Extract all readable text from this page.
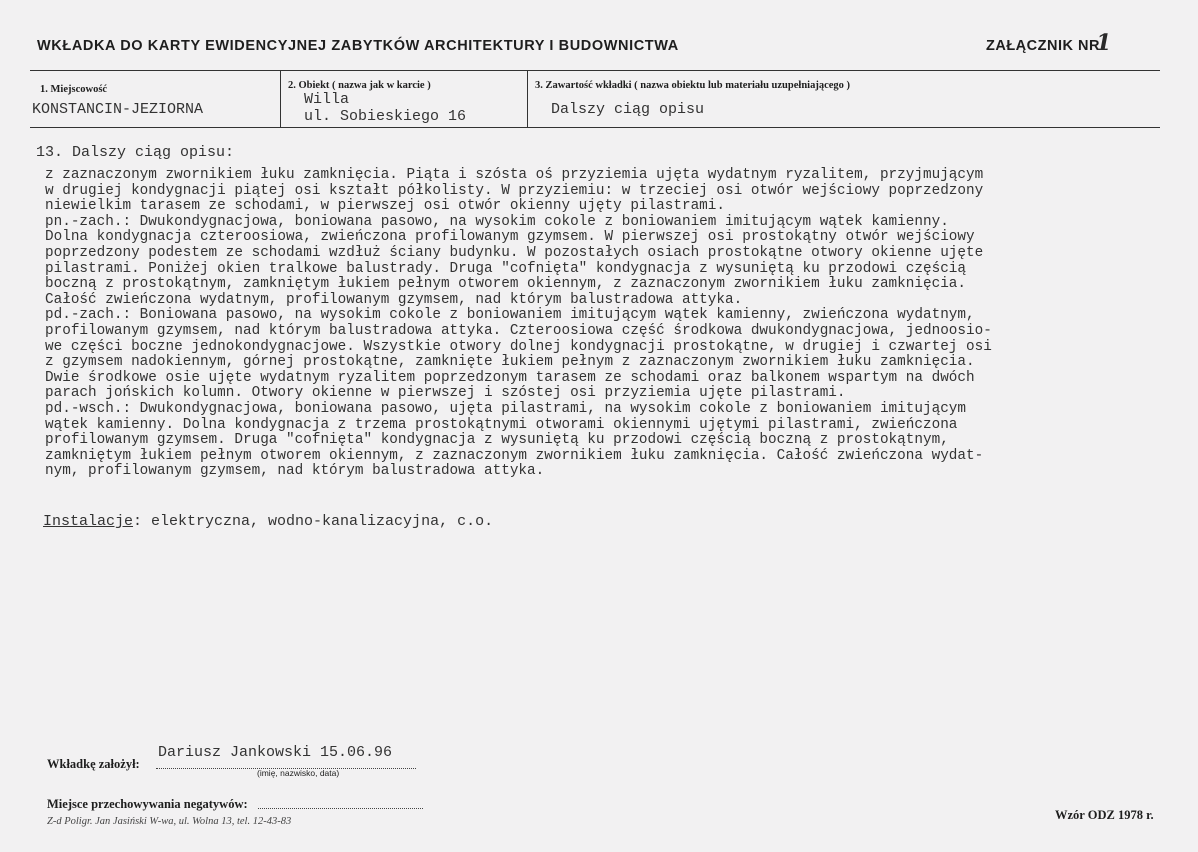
WKŁADKA DO KARTY EWIDENCYJNEJ ZABYTKÓW ARCHITEKTURY I BUDOWNICTWA	ZAŁĄCZNIK NR
1
1. Miejscowość
KONSTANCIN-JEZIORNA
2. Obiekt ( nazwa jak w karcie )
Willa
ul. Sobieskiego 16
3. Zawartość wkładki ( nazwa obiektu lub materiału uzupełniającego )
Dalszy ciąg opisu
13. Dalszy ciąg opisu:
z zaznaczonym zwornikiem łuku zamknięcia. Piąta i szósta oś przyziemia ujęta wydatnym ryzalitem, przyjmującym
w drugiej kondygnacji piątej osi kształt półkolisty. W przyziemiu: w trzeciej osi otwór wejściowy poprzedzony
niewielkim tarasem ze schodami, w pierwszej osi otwór okienny ujęty pilastrami.
pn.-zach.: Dwukondygnacjowa, boniowana pasowo, na wysokim cokole z boniowaniem imitującym wątek kamienny.
Dolna kondygnacja czteroosiowa, zwieńczona profilowanym gzymsem. W pierwszej osi prostokątny otwór wejściowy
poprzedzony podestem ze schodami wzdłuż ściany budynku. W pozostałych osiach prostokątne otwory okienne ujęte
pilastrami. Poniżej okien tralkowe balustrady. Druga "cofnięta" kondygnacja z wysuniętą ku przodowi częścią
boczną z prostokątnym, zamkniętym łukiem pełnym otworem okiennym, z zaznaczonym zwornikiem łuku zamknięcia.
Całość zwieńczona wydatnym, profilowanym gzymsem, nad którym balustradowa attyka.
pd.-zach.: Boniowana pasowo, na wysokim cokole z boniowaniem imitującym wątek kamienny, zwieńczona wydatnym,
profilowanym gzymsem, nad którym balustradowa attyka. Czteroosiowa część środkowa dwukondygnacjowa, jednoosio-
we części boczne jednokondygnacjowe. Wszystkie otwory dolnej kondygnacji prostokątne, w drugiej i czwartej osi
z gzymsem nadokiennym, górnej prostokątne, zamknięte łukiem pełnym z zaznaczonym zwornikiem łuku zamknięcia.
Dwie środkowe osie ujęte wydatnym ryzalitem poprzedzonym tarasem ze schodami oraz balkonem wspartym na dwóch
parach jońskich kolumn. Otwory okienne w pierwszej i szóstej osi przyziemia ujęte pilastrami.
pd.-wsch.: Dwukondygnacjowa, boniowana pasowo, ujęta pilastrami, na wysokim cokole z boniowaniem imitującym
wątek kamienny. Dolna kondygnacja z trzema prostokątnymi otworami okiennymi ujętymi pilastrami, zwieńczona
profilowanym gzymsem. Druga "cofnięta" kondygnacja z wysuniętą ku przodowi częścią boczną z prostokątnym,
zamkniętym łukiem pełnym otworem okiennym, z zaznaczonym zwornikiem łuku zamknięcia. Całość zwieńczona wydat-
nym, profilowanym gzymsem, nad którym balustradowa attyka.
Instalacje: elektryczna, wodno-kanalizacyjna, c.o.
Wkładkę założył:
Dariusz Jankowski 15.06.96
(imię, nazwisko, data)
Miejsce przechowywania negatywów:
Z-d Poligr. Jan Jasiński W-wa, ul. Wolna 13, tel. 12-43-83	Wzór ODZ 1978 r.
